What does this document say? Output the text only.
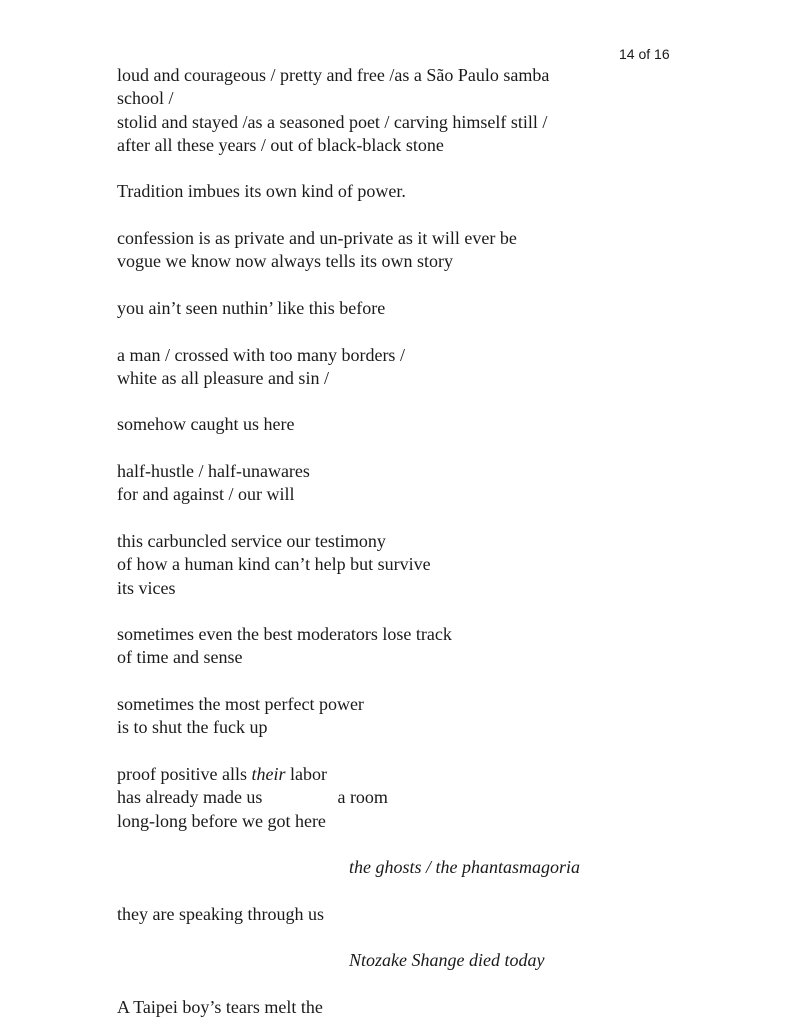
14 of 16
loud and courageous / pretty and free /as a São Paulo samba
school /
stolid and stayed /as a seasoned poet / carving himself still /
after all these years / out of black-black stone
Tradition imbues its own kind of power.
confession is as private and un-private as it will ever be
vogue we know now always tells its own story
you ain’t seen nuthin’ like this before
a man / crossed with too many borders /
white as all pleasure and sin /
somehow caught us here
half-hustle / half-unawares
for and against / our will
this carbuncled service our testimony
of how a human kind can’t help but survive
its vices
sometimes even the best moderators lose track
of time and sense
sometimes the most perfect power
is to shut the fuck up
proof positive alls their labor
has already made us	a room
long-long before we got here
the ghosts / the phantasmagoria
they are speaking through us
Ntozake Shange died today
A Taipei boy’s tears melt the
